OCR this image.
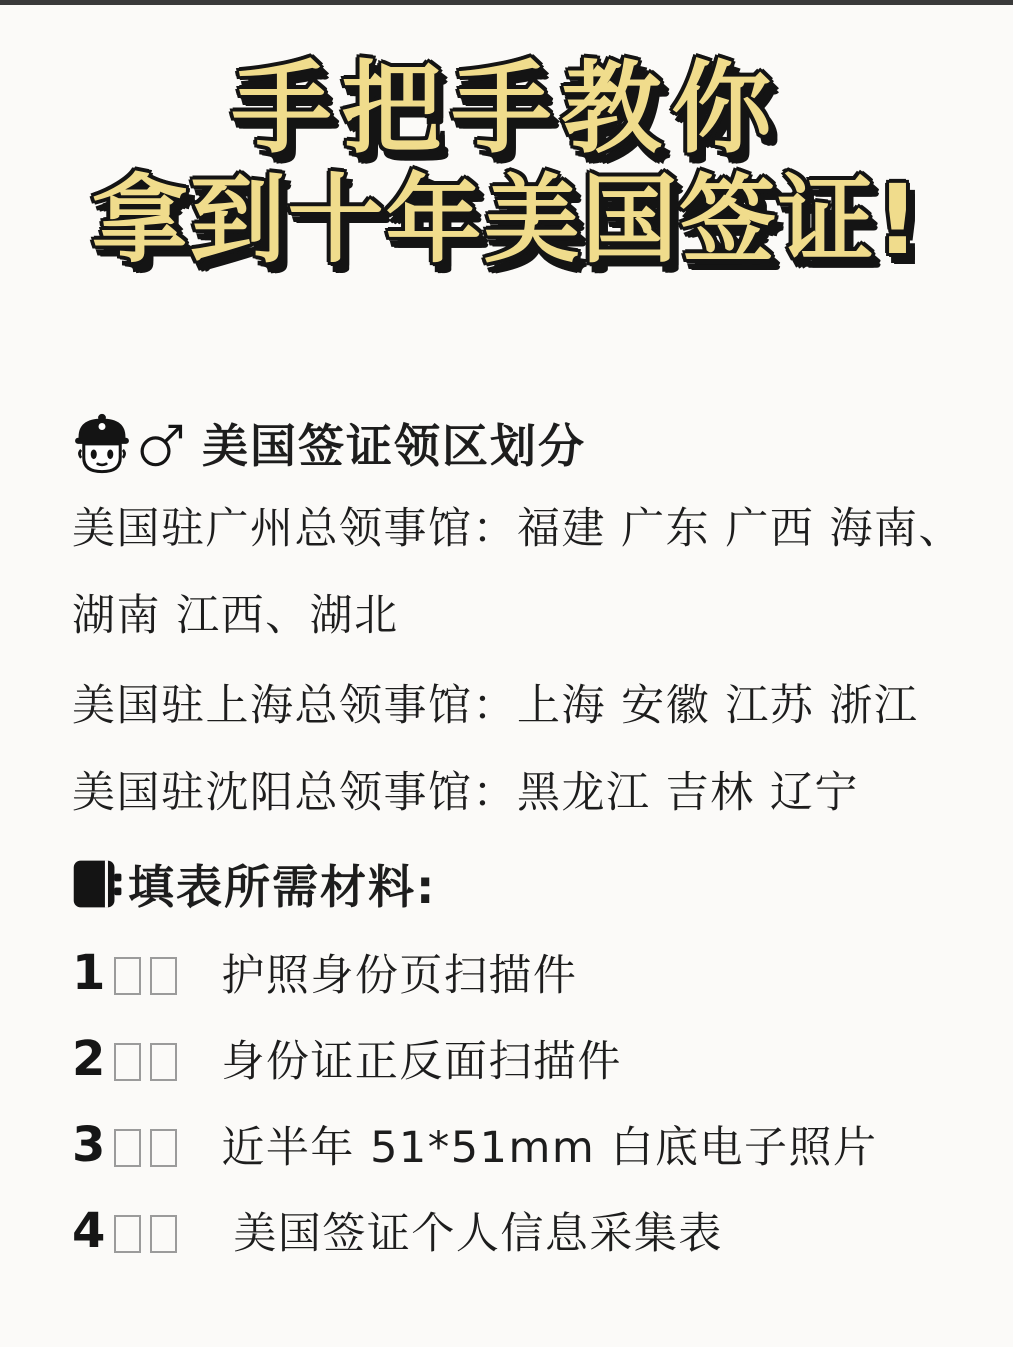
手把手教你
拿到十年美国签证!
美国签证领区划分

美国驻广州总领事馆：福建 广东 广西 海南、

湖南 江西、湖北

美国驻上海总领事馆：上海 安徽 江苏 浙江

美国驻沈阳总领事馆：黑龙江 吉林 辽宁

填表所需材料:
1	护照身份页扫描件
2	身份证正反面扫描件
3	近半年 51*51mm 白底电子照片
4	美国签证个人信息采集表
